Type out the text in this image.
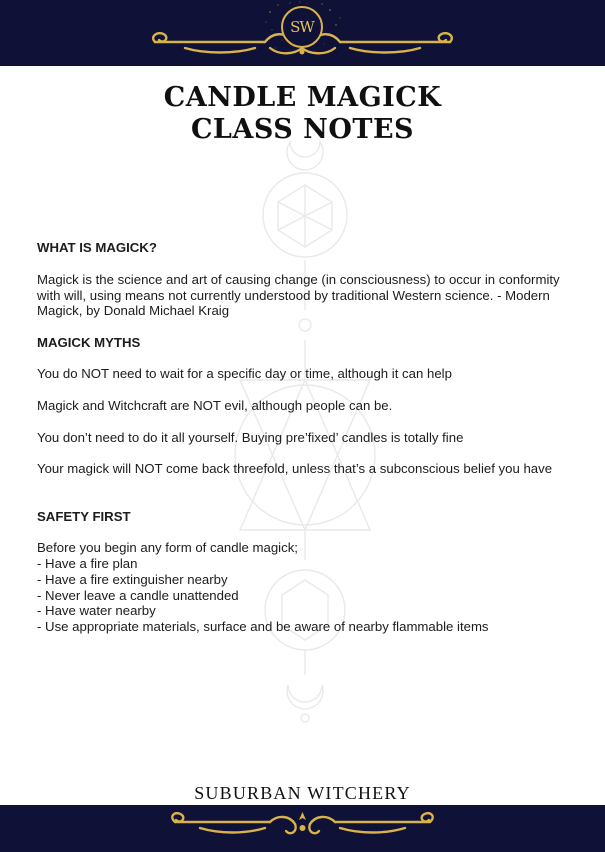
SW
CANDLE MAGICK
CLASS NOTES
WHAT IS MAGICK?

Magick is the science and art of causing change (in consciousness) to occur in conformity with will, using means not currently understood by traditional Western science. - Modern Magick, by Donald Michael Kraig

MAGICK MYTHS

You do NOT need to wait for a specific day or time, although it can help

Magick and Witchcraft are NOT evil, although people can be.

You don’t need to do it all yourself. Buying pre’fixed’ candles is totally fine

Your magick will NOT come back threefold, unless that’s a subconscious belief you have

SAFETY FIRST

Before you begin any form of candle magick;

- Have a fire plan

- Have a fire extinguisher nearby

- Never leave a candle unattended

- Have water nearby

- Use appropriate materials, surface and be aware of nearby flammable items

SUBURBAN WITCHERY
